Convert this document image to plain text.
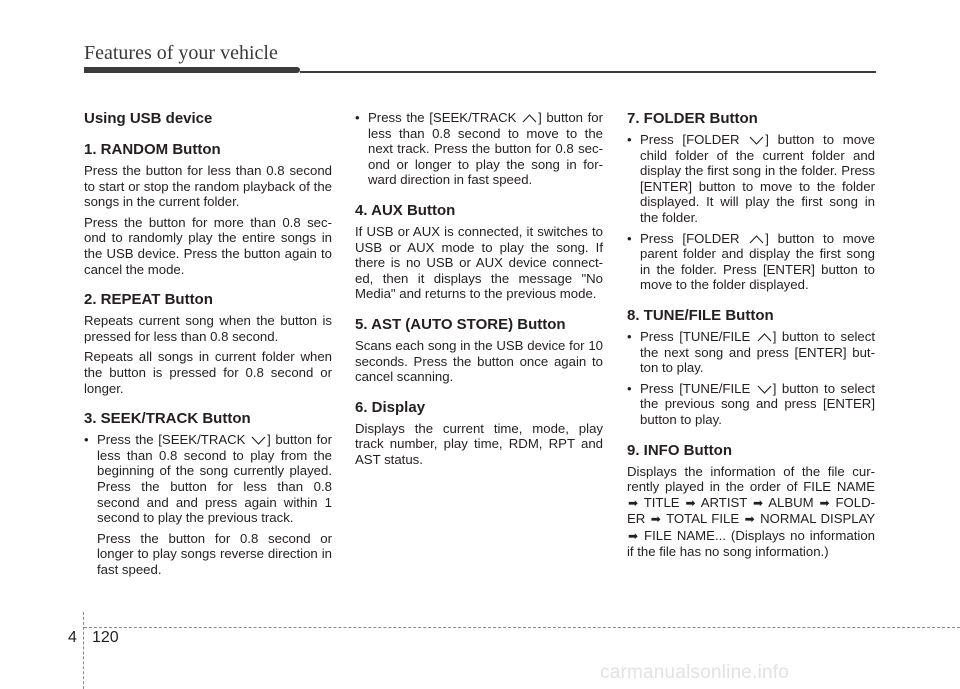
Features of your vehicle
Using USB device
1. RANDOM Button

Press the button for less than 0.8 second to start or stop the random playback of the songs in the current folder.

Press the button for more than 0.8 sec-ond to randomly play the entire songs in the USB device. Press the button again to cancel the mode.

2. REPEAT Button

Repeats current song when the button is pressed for less than 0.8 second.

Repeats all songs in current folder when the button is pressed for 0.8 second or longer.

3. SEEK/TRACK Button
• Press the [SEEK/TRACK ] button for less than 0.8 second to play from the beginning of the song currently played. Press the button for less than 0.8 second and and press again within 1 second to play the previous track.

Press the button for 0.8 second or longer to play songs reverse direction in fast speed.

• Press the [SEEK/TRACK ] button for less than 0.8 second to move to the next track. Press the button for 0.8 sec-ond or longer to play the song in for-ward direction in fast speed.
4. AUX Button

If USB or AUX is connected, it switches to USB or AUX mode to play the song. If there is no USB or AUX device connect-ed, then it displays the message "No Media" and returns to the previous mode.

5. AST (AUTO STORE) Button

Scans each song in the USB device for 10 seconds. Press the button once again to cancel scanning.

6. Display

Displays the current time, mode, play track number, play time, RDM, RPT and AST status.

7. FOLDER Button
• Press [FOLDER ] button to move child folder of the current folder and display the first song in the folder. Press [ENTER] button to move to the folder displayed. It will play the first song in the folder.
• Press [FOLDER ] button to move parent folder and display the first song in the folder. Press [ENTER] button to move to the folder displayed.
8. TUNE/FILE Button
• Press [TUNE/FILE ] button to select the next song and press [ENTER] but-ton to play.
• Press [TUNE/FILE ] button to select the previous song and press [ENTER] button to play.
9. INFO Button

Displays the information of the file cur-rently played in the order of FILE NAME ➡ TITLE ➡ ARTIST ➡ ALBUM ➡ FOLD-ER ➡ TOTAL FILE ➡ NORMAL DISPLAY ➡ FILE NAME... (Displays no information if the file has no song information.)

4 120
carmanualsonline.info
